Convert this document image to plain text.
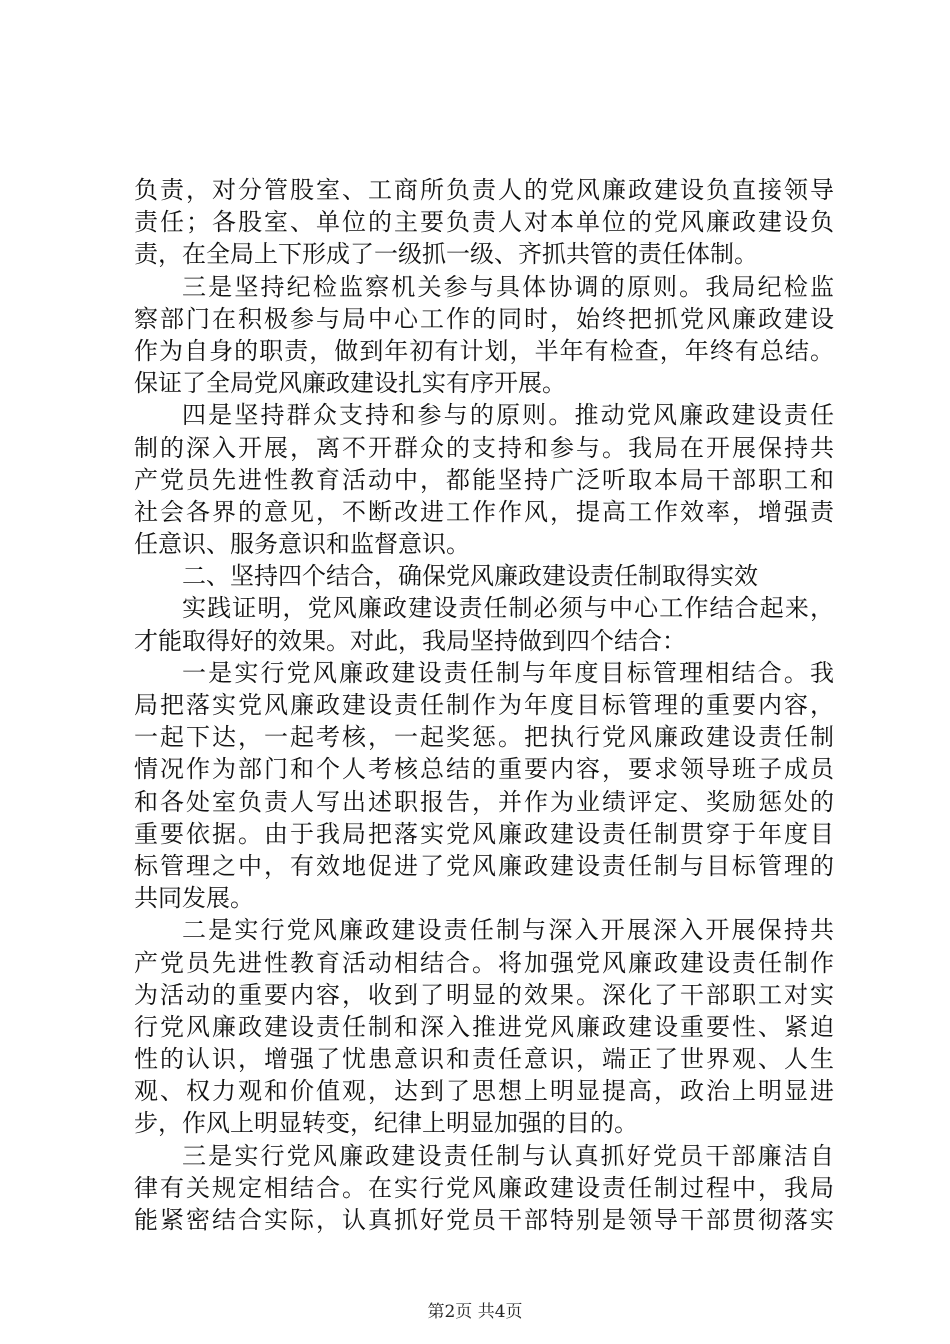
负责，对分管股室、工商所负责人的党风廉政建设负直接领导
责任；各股室、单位的主要负责人对本单位的党风廉政建设负
责，在全局上下形成了一级抓一级、齐抓共管的责任体制。
三是坚持纪检监察机关参与具体协调的原则。我局纪检监
察部门在积极参与局中心工作的同时，始终把抓党风廉政建设
作为自身的职责，做到年初有计划，半年有检查，年终有总结。
保证了全局党风廉政建设扎实有序开展。
四是坚持群众支持和参与的原则。推动党风廉政建设责任
制的深入开展，离不开群众的支持和参与。我局在开展保持共
产党员先进性教育活动中，都能坚持广泛听取本局干部职工和
社会各界的意见，不断改进工作作风，提高工作效率，增强责
任意识、服务意识和监督意识。
二、坚持四个结合，确保党风廉政建设责任制取得实效
实践证明，党风廉政建设责任制必须与中心工作结合起来，
才能取得好的效果。对此，我局坚持做到四个结合：
一是实行党风廉政建设责任制与年度目标管理相结合。我
局把落实党风廉政建设责任制作为年度目标管理的重要内容，
一起下达，一起考核，一起奖惩。把执行党风廉政建设责任制
情况作为部门和个人考核总结的重要内容，要求领导班子成员
和各处室负责人写出述职报告，并作为业绩评定、奖励惩处的
重要依据。由于我局把落实党风廉政建设责任制贯穿于年度目
标管理之中，有效地促进了党风廉政建设责任制与目标管理的
共同发展。
二是实行党风廉政建设责任制与深入开展深入开展保持共
产党员先进性教育活动相结合。将加强党风廉政建设责任制作
为活动的重要内容，收到了明显的效果。深化了干部职工对实
行党风廉政建设责任制和深入推进党风廉政建设重要性、紧迫
性的认识，增强了忧患意识和责任意识，端正了世界观、人生
观、权力观和价值观，达到了思想上明显提高，政治上明显进
步，作风上明显转变，纪律上明显加强的目的。
三是实行党风廉政建设责任制与认真抓好党员干部廉洁自
律有关规定相结合。在实行党风廉政建设责任制过程中，我局
能紧密结合实际，认真抓好党员干部特别是领导干部贯彻落实
第2页 共4页
